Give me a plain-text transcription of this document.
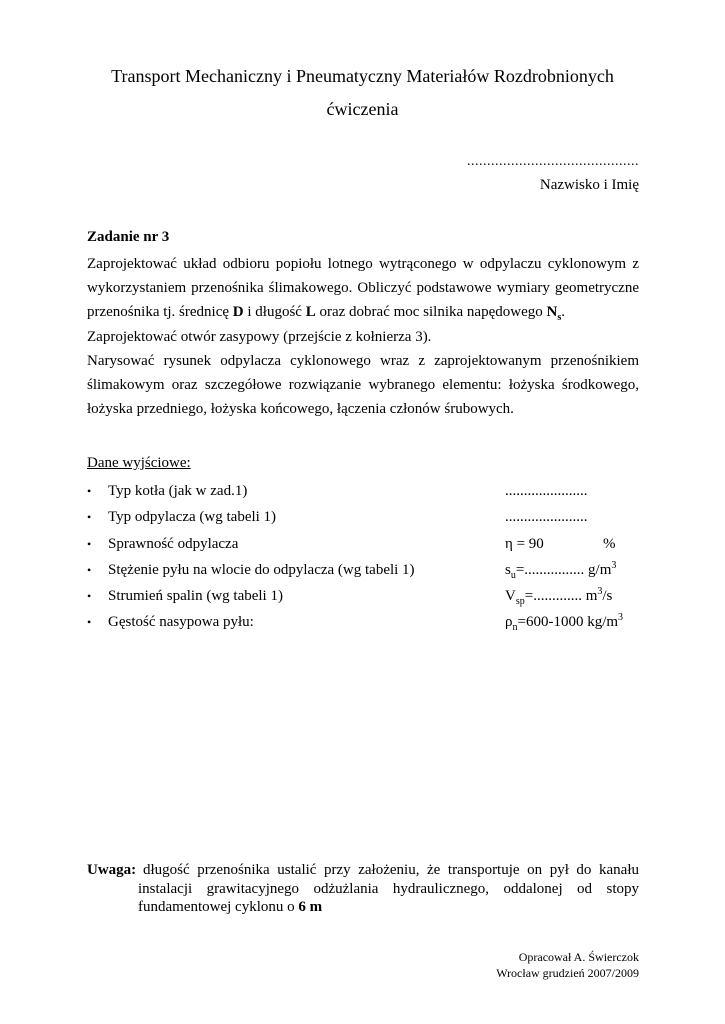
Transport Mechaniczny i Pneumatyczny Materiałów Rozdrobnionych
ćwiczenia
...........................................
Nazwisko i Imię
Zadanie nr 3

Zaprojektować układ odbioru popiołu lotnego wytrąconego w odpylaczu cyklonowym z wykorzystaniem przenośnika ślimakowego. Obliczyć podstawowe wymiary geometryczne przenośnika tj. średnicę D i długość L oraz dobrać moc silnika napędowego $N_s$.

Zaprojektować otwór zasypowy (przejście z kołnierza 3).

Narysować rysunek odpylacza cyklonowego wraz z zaprojektowanym przenośnikiem ślimakowym oraz szczegółowe rozwiązanie wybranego elementu: łożyska środkowego, łożyska przedniego, łożyska końcowego, łączenia członów śrubowych.

Dane wyjściowe:
• Typ kotła (jak w zad.1)	......................
• Typ odpylacza (wg tabeli 1)	......................
• Sprawność odpylacza	η = 90	%
• Stężenie pyłu na wlocie do odpylacza (wg tabeli 1)	$s_u=$................ $g/m^3$
• Strumień spalin (wg tabeli 1)	$V_{sp}=$............. $m^3/s$
• Gęstość nasypowa pyłu:	$\rho_n=600-1000$ $kg/m^3$
Uwaga: długość przenośnika ustalić przy założeniu, że transportuje on pył do kanału instalacji grawitacyjnego odżużlania hydraulicznego, oddalonej od stopy fundamentowej cyklonu o 6 m
Opracował A. Świerczok
Wrocław grudzień 2007/2009
